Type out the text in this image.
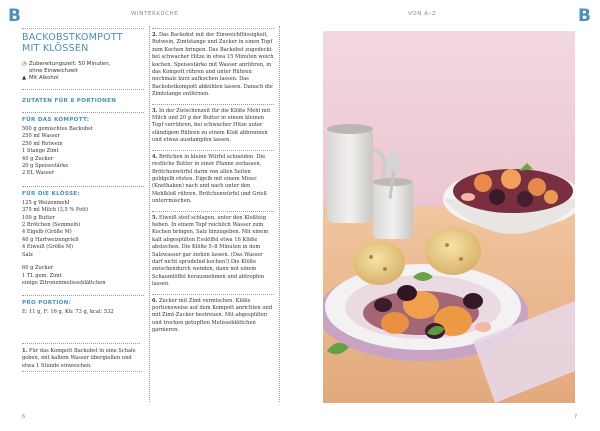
B	B
WINTERKÜCHE	VON A–Z
BACKOBSTKOMPOTT
MIT KLÖSSEN
◷ Zubereitungszeit: 50 Minuten,
ohne Einweichzeit
▲ Mit Alkohol
ZUTATEN FÜR 8 PORTIONEN
FÜR DAS KOMPOTT:
500 g gemischtes Backobst
250 ml Wasser
250 ml Rotwein
1 Stange Zimt
40 g Zucker
20 g Speisestärke
2 EL Wasser
FÜR DIE KLÖSSE:
125 g Weizenmehl
375 ml Milch (3,5 % Fett)
100 g Butter
2 Brötchen (Semmeln)
4 Eigelb (Größe M)
40 g Hartweizengrieß
4 Eiweiß (Größe M)
Salz
60 g Zucker
1 TL gem. Zimt
einige Zitronenmelisseblättchen
PRO PORTION:
E: 11 g, F: 16 g, Kh: 73 g, kcal: 532
1. Für das Kompott Backobst in eine Schale geben, mit kaltem Wasser übergießen und etwa 1 Stunde einweichen.
2. Das Backobst mit der Einweichflüssigkeit, Rotwein, Zimtstange und Zucker in einen Topf zum Kochen bringen. Das Backobst zugedeckt bei schwacher Hitze in etwa 15 Minuten weich kochen. Speisestärke mit Wasser anrühren, in das Kompott rühren und unter Rühren nochmals kurz aufkochen lassen. Das Backobstkompott abkühlen lassen. Danach die Zimtstange entfernen.
3. In der Zwischenzeit für die Klöße Mehl mit Milch und 20 g der Butter in einem kleinen Topf verrühren, bei schwacher Hitze unter ständigem Rühren zu einem Kloß abbrennen und etwas ausdampfen lassen.
4. Brötchen in kleine Würfel schneiden. Die restliche Butter in einer Pfanne zerlassen, Brötchenwürfel darin von allen Seiten goldgelb rösten. Eigelb mit einem Mixer (Knethaken) nach und nach unter den Mehlkloß rühren, Brötchenwürfel und Grieß unterrmischen.
5. Eiweiß steif schlagen, unter den Kloßteig heben. In einem Topf reichlich Wasser zum Kochen bringen, Salz hinzugeben. Mit einem kalt abgespülten Esslöffel etwa 16 Klöße abstechen. Die Klöße 5–8 Minuten in dem Salzwasser gar ziehen lassen. (Das Wasser darf nicht sprudelnd kochen!) Die Klöße zwischendurch wenden, dann mit einem Schaumlöffel herausnehmen und abtropfen lassen.
6. Zucker mit Zimt vermischen. Klöße portionsweise auf dem Kompott anrichten und mit Zimt-Zucker bestreuen. Mit abgespülten und trocken getupften Melisseblättchen garnieren.
6	7
